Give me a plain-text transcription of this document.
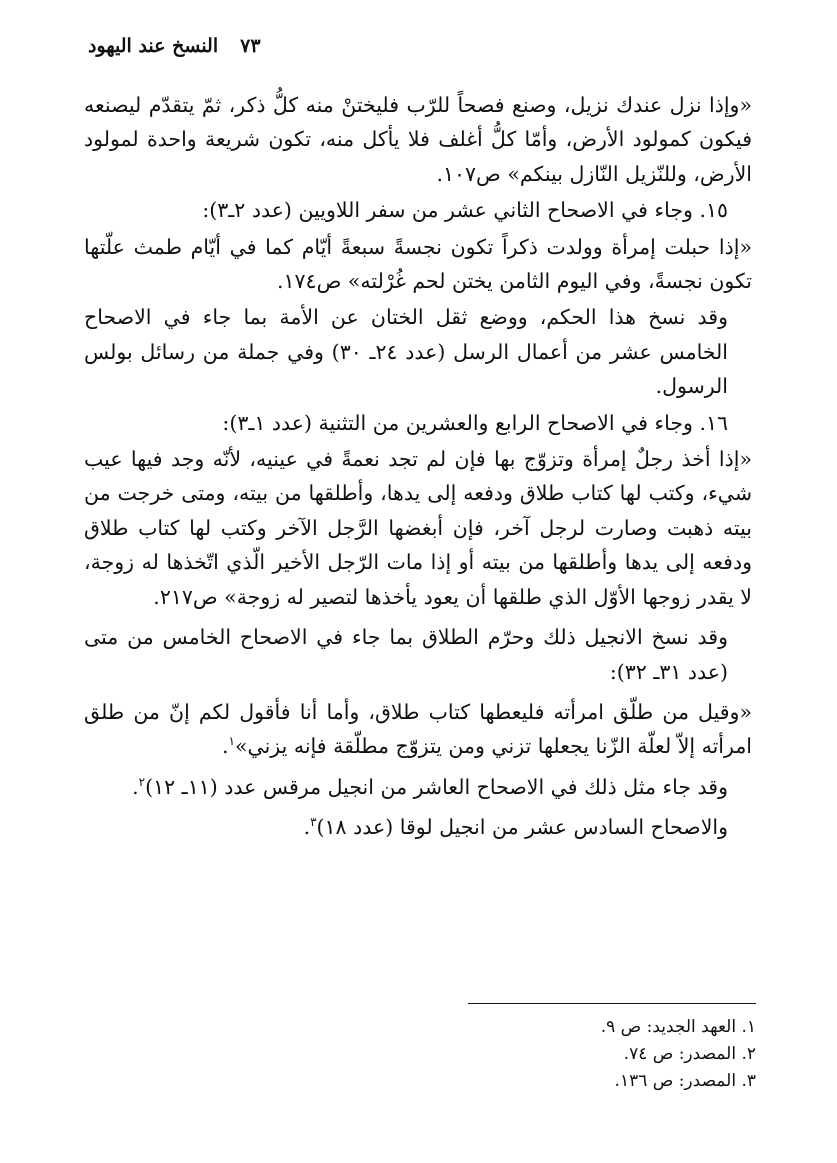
النسخ عند اليهود ٧٣

«وإذا نزل عندك نزيل، وصنع فصحاً للرّب فليختنْ منه كلُّ ذكر، ثمّ يتقدّم ليصنعه فيكون كمولود الأرض، وأمّا كلُّ أغلف فلا يأكل منه، تكون شريعة واحدة لمولود الأرض، وللنّزيل النّازل بينكم» ص١٠٧.

١٥. وجاء في الاصحاح الثاني عشر من سفر اللاويين (عدد ٢ـ٣):

«إذا حبلت إمرأة وولدت ذكراً تكون نجسةً سبعةً أيّام كما في أيّام طمث علّتها تكون نجسةً، وفي اليوم الثامن يختن لحم غُرْلته» ص١٧٤.

وقد نسخ هذا الحكم، ووضع ثقل الختان عن الأمة بما جاء في الاصحاح الخامس عشر من أعمال الرسل (عدد ٢٤ـ ٣٠) وفي جملة من رسائل بولس الرسول.

١٦. وجاء في الاصحاح الرابع والعشرين من التثنية (عدد ١ـ٣):

«إذا أخذ رجلٌ إمرأة وتزوّج بها فإن لم تجد نعمةً في عينيه، لأنّه وجد فيها عيب شيء، وكتب لها كتاب طلاق ودفعه إلى يدها، وأطلقها من بيته، ومتى خرجت من بيته ذهبت وصارت لرجل آخر، فإن أبغضها الرَّجل الآخر وكتب لها كتاب طلاق ودفعه إلى يدها وأطلقها من بيته أو إذا مات الرّجل الأخير الّذي اتّخذها له زوجة، لا يقدر زوجها الأوّل الذي طلقها أن يعود يأخذها لتصير له زوجة» ص٢١٧.

وقد نسخ الانجيل ذلك وحرّم الطلاق بما جاء في الاصحاح الخامس من متى (عدد ٣١ـ ٣٢):

«وقيل من طلّق امرأته فليعطها كتاب طلاق، وأما أنا فأقول لكم إنّ من طلق امرأته إلاّ لعلّة الزّنا يجعلها تزني ومن يتزوّج مطلّقة فإنه يزني»$^١$.

وقد جاء مثل ذلك في الاصحاح العاشر من انجيل مرقس عدد (١١ـ ١٢)$^٢$.

والاصحاح السادس عشر من انجيل لوقا (عدد ١٨)$^٣$.

١. العهد الجديد: ص ٩.
٢. المصدر: ص ٧٤.
٣. المصدر: ص ١٣٦.
